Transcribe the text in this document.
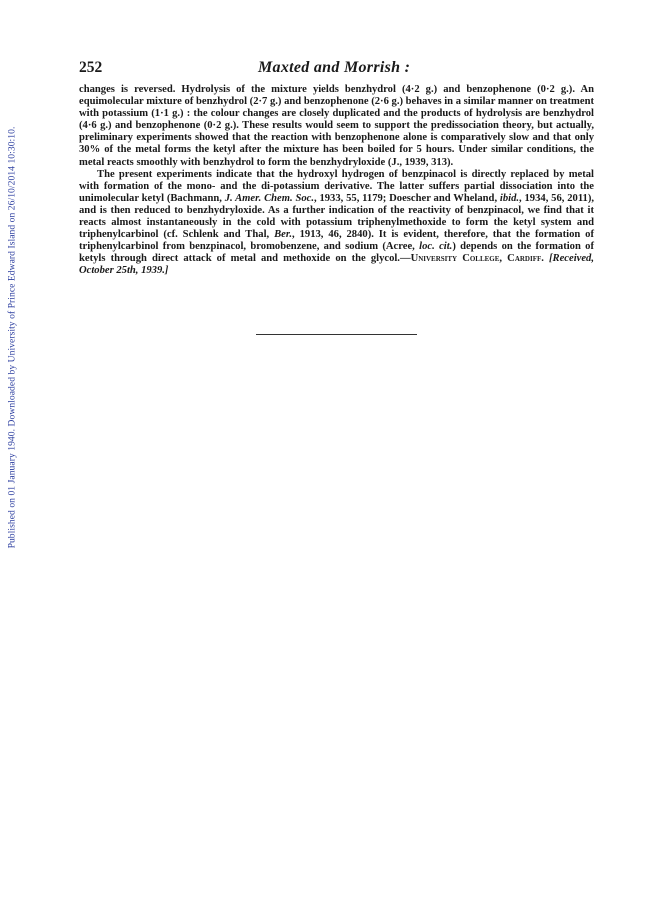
Published on 01 January 1940. Downloaded by University of Prince Edward Island on 26/10/2014 10:30:10.
252	Maxted and Morrish :

changes is reversed. Hydrolysis of the mixture yields benzhydrol (4·2 g.) and benzophenone (0·2 g.). An equimolecular mixture of benzhydrol (2·7 g.) and benzophenone (2·6 g.) behaves in a similar manner on treatment with potassium (1·1 g.) : the colour changes are closely duplicated and the products of hydrolysis are benzhydrol (4·6 g.) and benzophenone (0·2 g.). These results would seem to support the predissociation theory, but actually, preliminary experiments showed that the reaction with benzophenone alone is comparatively slow and that only 30% of the metal forms the ketyl after the mixture has been boiled for 5 hours. Under similar conditions, the metal reacts smoothly with benzhydrol to form the benzhydryloxide (J., 1939, 313).

The present experiments indicate that the hydroxyl hydrogen of benzpinacol is directly replaced by metal with formation of the mono- and the di-potassium derivative. The latter suffers partial dissociation into the unimolecular ketyl (Bachmann, J. Amer. Chem. Soc., 1933, 55, 1179; Doescher and Wheland, ibid., 1934, 56, 2011), and is then reduced to benzhydryloxide. As a further indication of the reactivity of benzpinacol, we find that it reacts almost instantaneously in the cold with potassium triphenylmethoxide to form the ketyl system and triphenylcarbinol (cf. Schlenk and Thal, Ber., 1913, 46, 2840). It is evident, therefore, that the formation of triphenylcarbinol from benzpinacol, bromobenzene, and sodium (Acree, loc. cit.) depends on the formation of ketyls through direct attack of metal and methoxide on the glycol.—University College, Cardiff. [Received, October 25th, 1939.]
